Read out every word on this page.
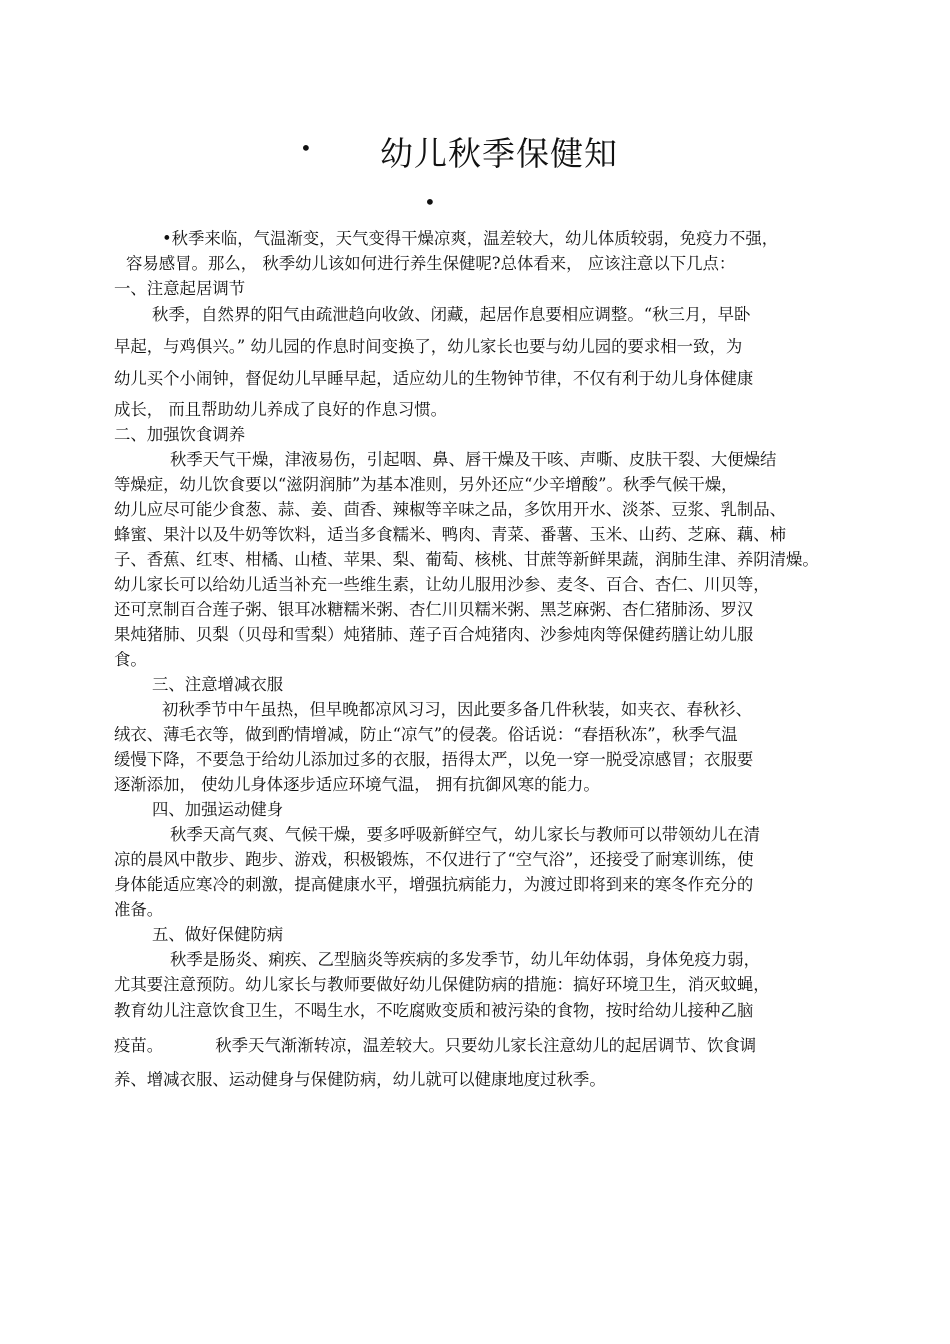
• 幼儿秋季保健知
•
•秋季来临，气温渐变，天气变得干燥凉爽，温差较大，幼儿体质较弱，免疫力不强，
容易感冒。那么， 秋季幼儿该如何进行养生保健呢?总体看来， 应该注意以下几点：
一、注意起居调节
秋季，自然界的阳气由疏泄趋向收敛、闭藏，起居作息要相应调整。“秋三月，早卧
早起，与鸡俱兴。” 幼儿园的作息时间变换了，幼儿家长也要与幼儿园的要求相一致，为
幼儿买个小闹钟，督促幼儿早睡早起，适应幼儿的生物钟节律，不仅有利于幼儿身体健康
成长， 而且帮助幼儿养成了良好的作息习惯。
二、加强饮食调养
秋季天气干燥，津液易伤，引起咽、鼻、唇干燥及干咳、声嘶、皮肤干裂、大便燥结
等燥症，幼儿饮食要以“滋阴润肺”为基本准则，另外还应“少辛增酸”。秋季气候干燥，
幼儿应尽可能少食葱、蒜、姜、茴香、辣椒等辛味之品，多饮用开水、淡茶、豆浆、乳制品、
蜂蜜、果汁以及牛奶等饮料，适当多食糯米、鸭肉、青菜、番薯、玉米、山药、芝麻、藕、柿
子、香蕉、红枣、柑橘、山楂、苹果、梨、葡萄、核桃、甘蔗等新鲜果蔬，润肺生津、养阴清燥。
幼儿家长可以给幼儿适当补充一些维生素，让幼儿服用沙参、麦冬、百合、杏仁、川贝等，
还可烹制百合莲子粥、银耳冰糖糯米粥、杏仁川贝糯米粥、黑芝麻粥、杏仁猪肺汤、罗汉
果炖猪肺、贝梨（贝母和雪梨）炖猪肺、莲子百合炖猪肉、沙参炖肉等保健药膳让幼儿服
食。
三、注意增减衣服
初秋季节中午虽热，但早晚都凉风习习，因此要多备几件秋装，如夹衣、春秋衫、
绒衣、薄毛衣等，做到酌情增减，防止“凉气”的侵袭。俗话说：“春捂秋冻”，秋季气温
缓慢下降，不要急于给幼儿添加过多的衣服，捂得太严，以免一穿一脱受凉感冒；衣服要
逐渐添加， 使幼儿身体逐步适应环境气温， 拥有抗御风寒的能力。
四、加强运动健身
秋季天高气爽、气候干燥，要多呼吸新鲜空气，幼儿家长与教师可以带领幼儿在清
凉的晨风中散步、跑步、游戏，积极锻炼，不仅进行了“空气浴”，还接受了耐寒训练，使
身体能适应寒冷的刺激，提高健康水平，增强抗病能力，为渡过即将到来的寒冬作充分的
准备。
五、做好保健防病
秋季是肠炎、痢疾、乙型脑炎等疾病的多发季节，幼儿年幼体弱，身体免疫力弱，
尤其要注意预防。幼儿家长与教师要做好幼儿保健防病的措施：搞好环境卫生，消灭蚊蝇，
教育幼儿注意饮食卫生，不喝生水，不吃腐败变质和被污染的食物，按时给幼儿接种乙脑
疫苗。          秋季天气渐渐转凉，温差较大。只要幼儿家长注意幼儿的起居调节、饮食调
养、增减衣服、运动健身与保健防病，幼儿就可以健康地度过秋季。
